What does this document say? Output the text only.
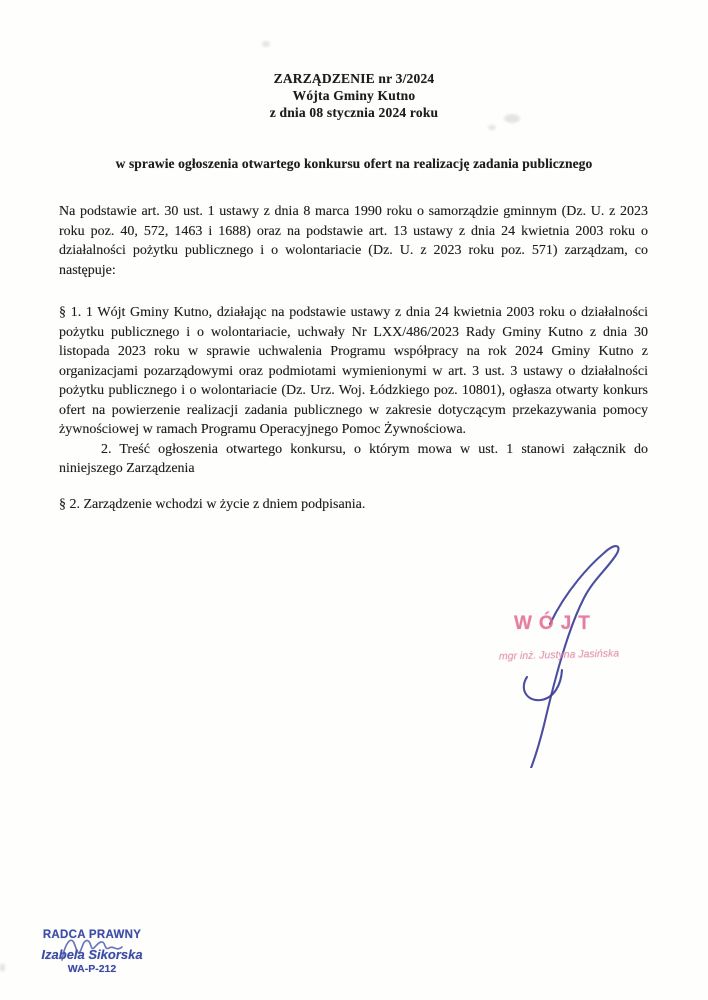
ZARZĄDZENIE nr 3/2024
Wójta Gminy Kutno
z dnia 08 stycznia 2024 roku
w sprawie ogłoszenia otwartego konkursu ofert na realizację zadania publicznego

Na podstawie art. 30 ust. 1 ustawy z dnia 8 marca 1990 roku o samorządzie gminnym (Dz. U. z 2023 roku poz. 40, 572, 1463 i 1688) oraz na podstawie art. 13 ustawy z dnia 24 kwietnia 2003 roku o działalności pożytku publicznego i o wolontariacie (Dz. U. z 2023 roku poz. 571) zarządzam, co następuje:

§ 1. 1 Wójt Gminy Kutno, działając na podstawie ustawy z dnia 24 kwietnia 2003 roku o działalności pożytku publicznego i o wolontariacie, uchwały Nr LXX/486/2023 Rady Gminy Kutno z dnia 30 listopada 2023 roku w sprawie uchwalenia Programu współpracy na rok 2024 Gminy Kutno z organizacjami pozarządowymi oraz podmiotami wymienionymi w art. 3 ust. 3 ustawy o działalności pożytku publicznego i o wolontariacie (Dz. Urz. Woj. Łódzkiego poz. 10801), ogłasza otwarty konkurs ofert na powierzenie realizacji zadania publicznego w zakresie dotyczącym przekazywania pomocy żywnościowej w ramach Programu Operacyjnego Pomoc Żywnościowa.

2. Treść ogłoszenia otwartego konkursu, o którym mowa w ust. 1 stanowi załącznik do niniejszego Zarządzenia

§ 2. Zarządzenie wchodzi w życie z dniem podpisania.

WÓJT
mgr inż. Justyna Jasińska
RADCA PRAWNY
Izabela Sikorska
WA-P-212
